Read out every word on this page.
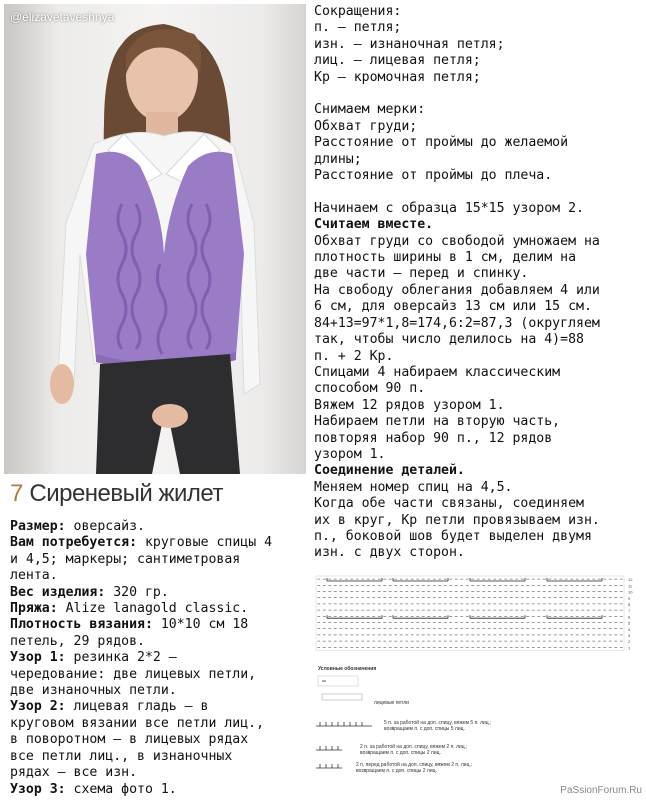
@elizavetaveshnya
7 Сиреневый жилет

Размер: оверсайз.

Вам потребуется: круговые спицы 4

и 4,5; маркеры; сантиметровая

лента.

Вес изделия: 320 гр.

Пряжа: Alize lanagold classic.

Плотность вязания: 10*10 см 18

петель, 29 рядов.

Узор 1: резинка 2*2 –

чередование: две лицевых петли,

две изнаночных петли.

Узор 2: лицевая гладь – в

круговом вязании все петли лиц.,

в поворотном – в лицевых рядах

все петли лиц., в изнаночных

рядах – все изн.

Узор 3: схема фото 1.

Сокращения:

п. – петля;

изн. – изнаночная петля;

лиц. – лицевая петля;

Кр – кромочная петля;

Снимаем мерки:

Обхват груди;

Расстояние от проймы до желаемой

длины;

Расстояние от проймы до плеча.

Начинаем с образца 15*15 узором 2.

Считаем вместе.

Обхват груди со свободой умножаем на

плотность ширины в 1 см, делим на

две части – перед и спинку.

На свободу облегания добавляем 4 или

6 см, для оверсайз 13 см или 15 см.

84+13=97*1,8=174,6:2=87,3 (округляем

так, чтобы число делилось на 4)=88

п. + 2 Кр.

Спицами 4 набираем классическим

способом 90 п.

Вяжем 12 рядов узором 1.

Набираем петли на вторую часть,

повторяя набор 90 п., 12 рядов

узором 1.

Соединение деталей.

Меняем номер спиц на 4,5.

Когда обе части связаны, соединяем

их в круг, Кр петли провязываем изн.

п., боковой шов будет выделен двумя

изн. с двух сторон.

12
11
10
9
8
7
6
5
4
3
2
1
Условные обозначения
лицевые петли
5 п. за работой на доп. спицу, вяжем 5 п. лиц.;
возвращаем п. с доп. спицы 5 лиц.
2 п. за работой на доп. спицу, вяжем 2 п. лиц.;
возвращаем п. с доп. спицы 2 лиц.
2 п. перед работой на доп. спицу, вяжем 2 п. лиц.;
возвращаем п. с доп. спицы 2 лиц.
PaSsionForum.Ru
